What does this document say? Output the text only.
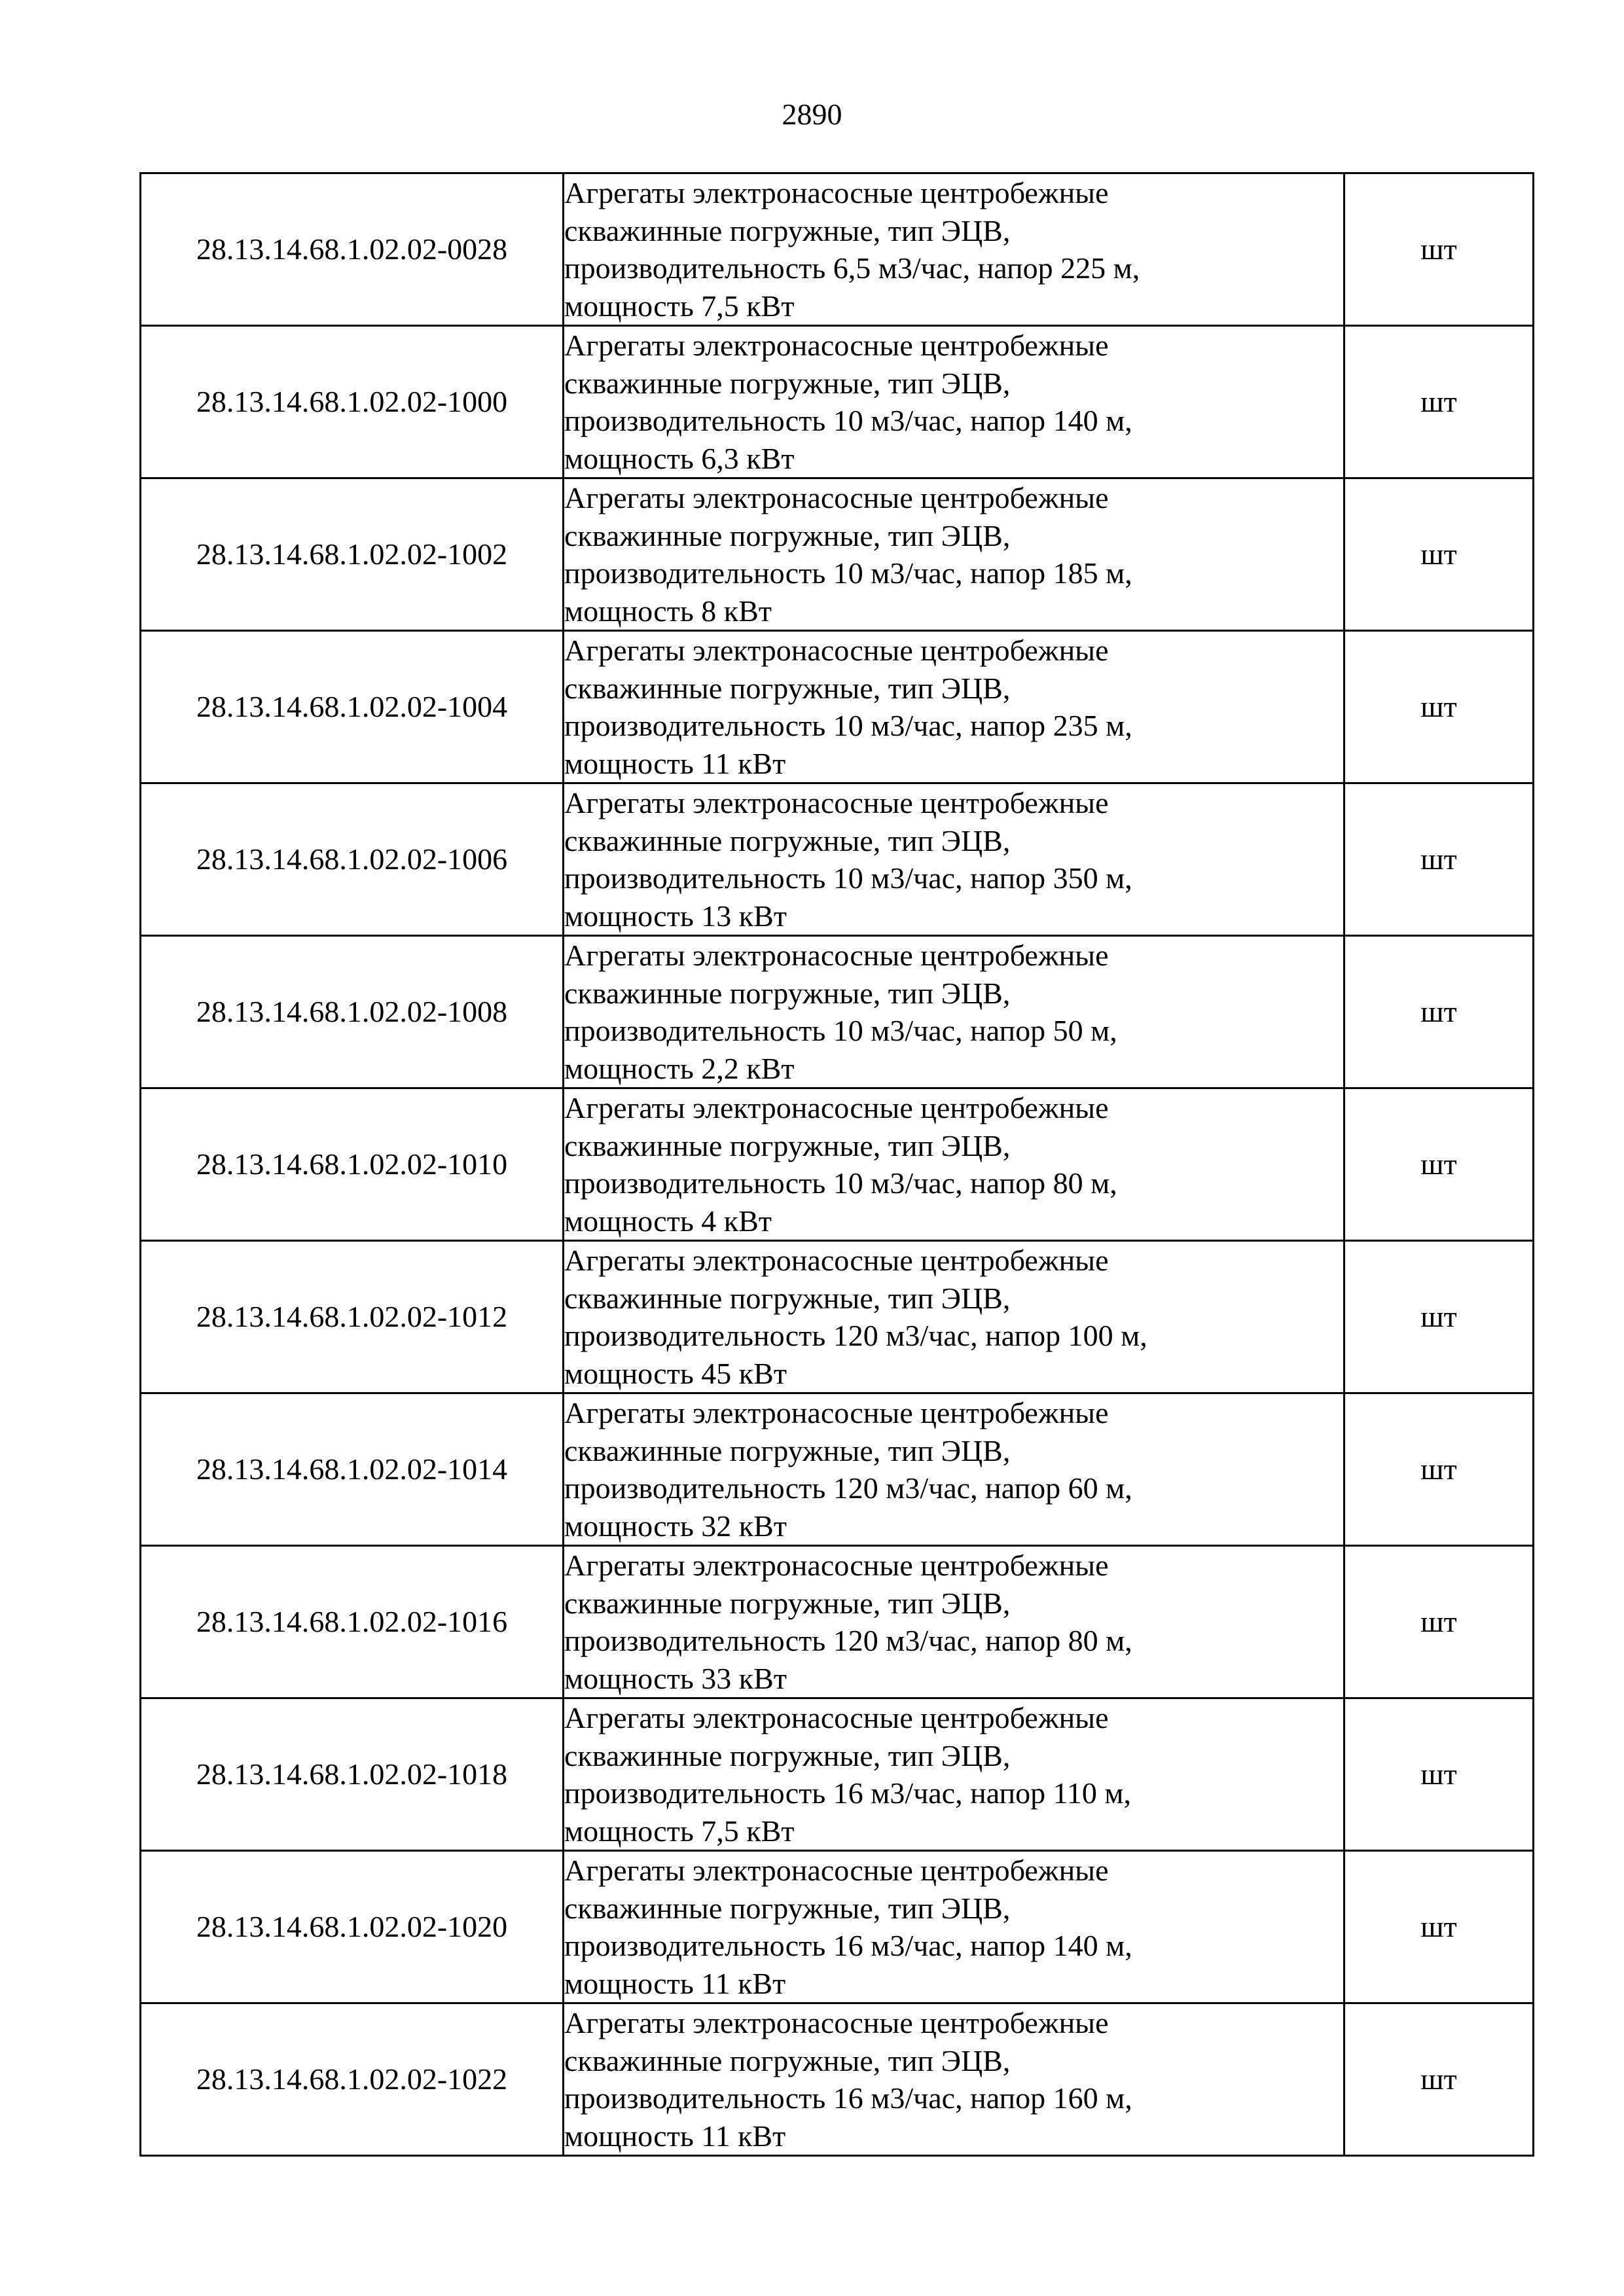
2890
28.13.14.68.1.02.02-0028	Агрегаты электронасосные центробежные
скважинные погружные, тип ЭЦВ,
производительность 6,5 м3/час, напор 225 м,
мощность 7,5 кВт	шт
28.13.14.68.1.02.02-1000	Агрегаты электронасосные центробежные
скважинные погружные, тип ЭЦВ,
производительность 10 м3/час, напор 140 м,
мощность 6,3 кВт	шт
28.13.14.68.1.02.02-1002	Агрегаты электронасосные центробежные
скважинные погружные, тип ЭЦВ,
производительность 10 м3/час, напор 185 м,
мощность 8 кВт	шт
28.13.14.68.1.02.02-1004	Агрегаты электронасосные центробежные
скважинные погружные, тип ЭЦВ,
производительность 10 м3/час, напор 235 м,
мощность 11 кВт	шт
28.13.14.68.1.02.02-1006	Агрегаты электронасосные центробежные
скважинные погружные, тип ЭЦВ,
производительность 10 м3/час, напор 350 м,
мощность 13 кВт	шт
28.13.14.68.1.02.02-1008	Агрегаты электронасосные центробежные
скважинные погружные, тип ЭЦВ,
производительность 10 м3/час, напор 50 м,
мощность 2,2 кВт	шт
28.13.14.68.1.02.02-1010	Агрегаты электронасосные центробежные
скважинные погружные, тип ЭЦВ,
производительность 10 м3/час, напор 80 м,
мощность 4 кВт	шт
28.13.14.68.1.02.02-1012	Агрегаты электронасосные центробежные
скважинные погружные, тип ЭЦВ,
производительность 120 м3/час, напор 100 м,
мощность 45 кВт	шт
28.13.14.68.1.02.02-1014	Агрегаты электронасосные центробежные
скважинные погружные, тип ЭЦВ,
производительность 120 м3/час, напор 60 м,
мощность 32 кВт	шт
28.13.14.68.1.02.02-1016	Агрегаты электронасосные центробежные
скважинные погружные, тип ЭЦВ,
производительность 120 м3/час, напор 80 м,
мощность 33 кВт	шт
28.13.14.68.1.02.02-1018	Агрегаты электронасосные центробежные
скважинные погружные, тип ЭЦВ,
производительность 16 м3/час, напор 110 м,
мощность 7,5 кВт	шт
28.13.14.68.1.02.02-1020	Агрегаты электронасосные центробежные
скважинные погружные, тип ЭЦВ,
производительность 16 м3/час, напор 140 м,
мощность 11 кВт	шт
28.13.14.68.1.02.02-1022	Агрегаты электронасосные центробежные
скважинные погружные, тип ЭЦВ,
производительность 16 м3/час, напор 160 м,
мощность 11 кВт	шт
